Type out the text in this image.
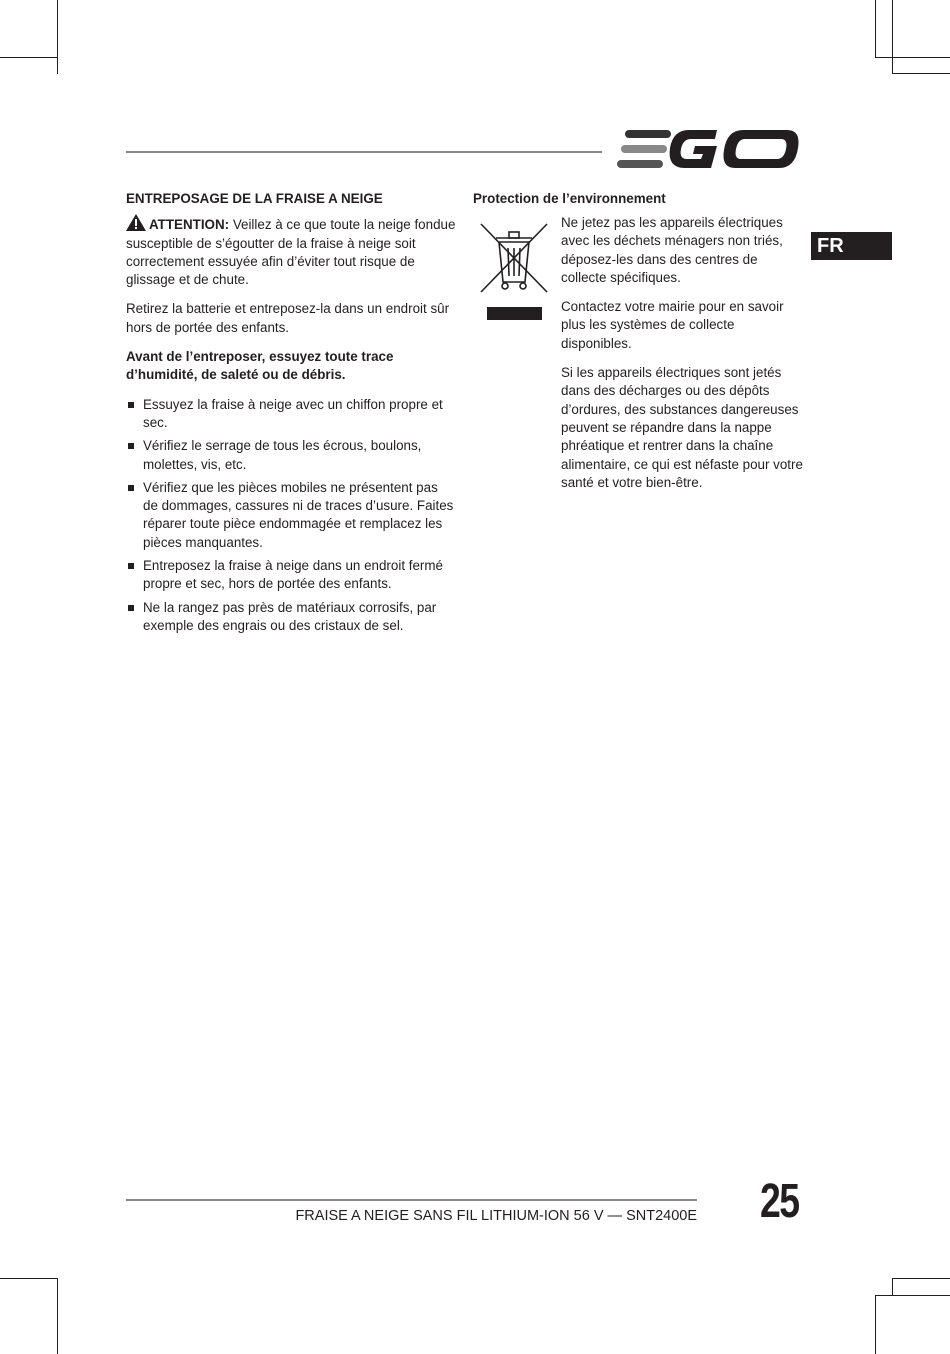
FR
ENTREPOSAGE DE LA FRAISE A NEIGE

ATTENTION: Veillez à ce que toute la neige fondue susceptible de s’égoutter de la fraise à neige soit correctement essuyée afin d’éviter tout risque de glissage et de chute.

Retirez la batterie et entreposez-la dans un endroit sûr hors de portée des enfants.

Avant de l’entreposer, essuyez toute trace d’humidité, de saleté ou de débris.

Essuyez la fraise à neige avec un chiffon propre et sec.
Vérifiez le serrage de tous les écrous, boulons, molettes, vis, etc.
Vérifiez que les pièces mobiles ne présentent pas de dommages, cassures ni de traces d’usure. Faites réparer toute pièce endommagée et remplacez les pièces manquantes.
Entreposez la fraise à neige dans un endroit fermé propre et sec, hors de portée des enfants.
Ne la rangez pas près de matériaux corrosifs, par exemple des engrais ou des cristaux de sel.
Protection de l’environnement

Ne jetez pas les appareils électriques avec les déchets ménagers non triés, déposez-les dans des centres de collecte spécifiques.

Contactez votre mairie pour en savoir plus les systèmes de collecte disponibles.

Si les appareils électriques sont jetés dans des décharges ou des dépôts d’ordures, des substances dangereuses peuvent se répandre dans la nappe phréatique et rentrer dans la chaîne alimentaire, ce qui est néfaste pour votre santé et votre bien-être.

FRAISE A NEIGE SANS FIL LITHIUM-ION 56 V — SNT2400E 25
